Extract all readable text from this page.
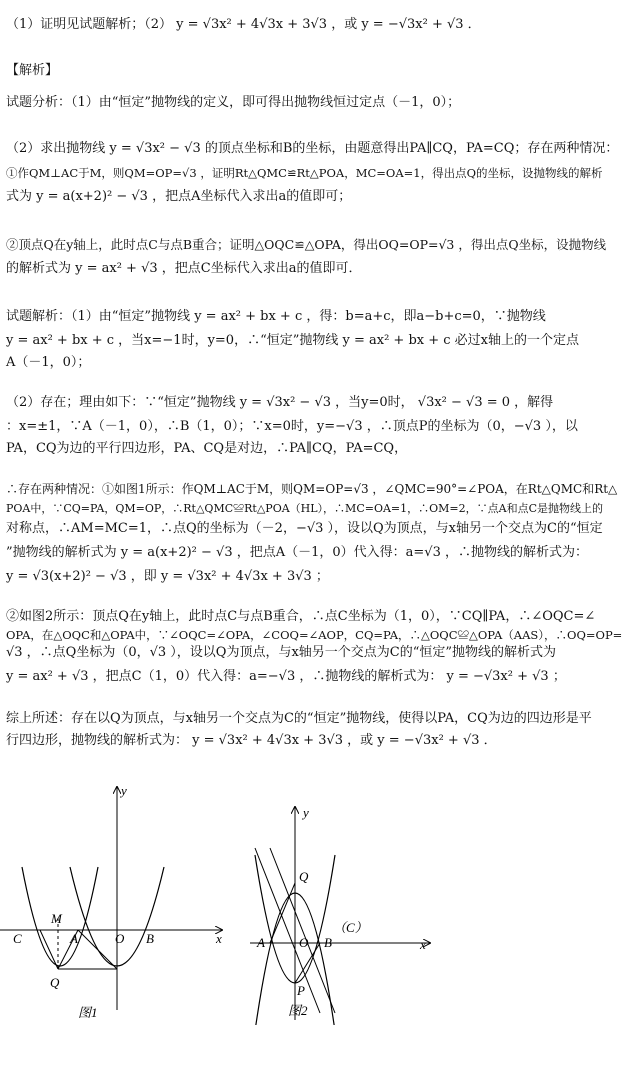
（1）证明见试题解析；（2） y = √3x² + 4√3x + 3√3 ，或 y = −√3x² + √3 ．
【解析】
试题分析：（1）由“恒定”抛物线的定义，即可得出抛物线恒过定点（－1，0）；
（2）求出抛物线 y = √3x² − √3 的顶点坐标和B的坐标，由题意得出PA∥CQ，PA=CQ；存在两种情况：
①作QM⊥AC于M，则QM=OP=√3 ，证明Rt△QMC≌Rt△POA，MC=OA=1，得出点Q的坐标，设抛物线的解析
式为 y = a(x+2)² − √3 ，把点A坐标代入求出a的值即可；
②顶点Q在y轴上，此时点C与点B重合；证明△OQC≌△OPA，得出OQ=OP=√3 ，得出点Q坐标，设抛物线
的解析式为 y = ax² + √3 ，把点C坐标代入求出a的值即可．
试题解析：（1）由“恒定”抛物线 y = ax² + bx + c ，得：b=a+c，即a−b+c=0，∵抛物线
y = ax² + bx + c ，当x=−1时，y=0，∴“恒定”抛物线 y = ax² + bx + c 必过x轴上的一个定点
A（－1，0）；
（2）存在；理由如下：∵“恒定”抛物线 y = √3x² − √3 ，当y=0时， √3x² − √3 = 0 ，解得
：x=±1，∵A（－1，0），∴B（1，0）；∵x=0时，y=−√3 ，∴顶点P的坐标为（0，−√3 ），以
PA，CQ为边的平行四边形，PA、CQ是对边，∴PA∥CQ，PA=CQ，
∴存在两种情况：①如图1所示：作QM⊥AC于M，则QM=OP=√3 ，∠QMC=90°=∠POA，在Rt△QMC和Rt△
POA中，∵CQ=PA，QM=OP，∴Rt△QMC≌Rt△POA（HL），∴MC=OA=1，∴OM=2，∵点A和点C是抛物线上的
对称点，∴AM=MC=1，∴点Q的坐标为（－2，−√3 ），设以Q为顶点，与x轴另一个交点为C的“恒定
”抛物线的解析式为 y = a(x+2)² − √3 ，把点A（－1，0）代入得：a=√3 ，∴抛物线的解析式为：
y = √3(x+2)² − √3 ，即 y = √3x² + 4√3x + 3√3 ；
②如图2所示：顶点Q在y轴上，此时点C与点B重合，∴点C坐标为（1，0），∵CQ∥PA，∴∠OQC=∠
OPA，在△OQC和△OPA中，∵∠OQC=∠OPA，∠COQ=∠AOP，CQ=PA，∴△OQC≌△OPA（AAS），∴OQ=OP=
√3 ，∴点Q坐标为（0，√3 ），设以Q为顶点，与x轴另一个交点为C的“恒定”抛物线的解析式为
y = ax² + √3 ，把点C（1，0）代入得：a=−√3 ，∴抛物线的解析式为： y = −√3x² + √3 ；
综上所述：存在以Q为顶点，与x轴另一个交点为C的“恒定”抛物线，使得以PA，CQ为边的四边形是平
行四边形，抛物线的解析式为： y = √3x² + 4√3x + 3√3 ，或 y = −√3x² + √3 ．
y
x
M
C	A	O B
Q
图1
y
x
Q
A	O B
（C）
P
图2
